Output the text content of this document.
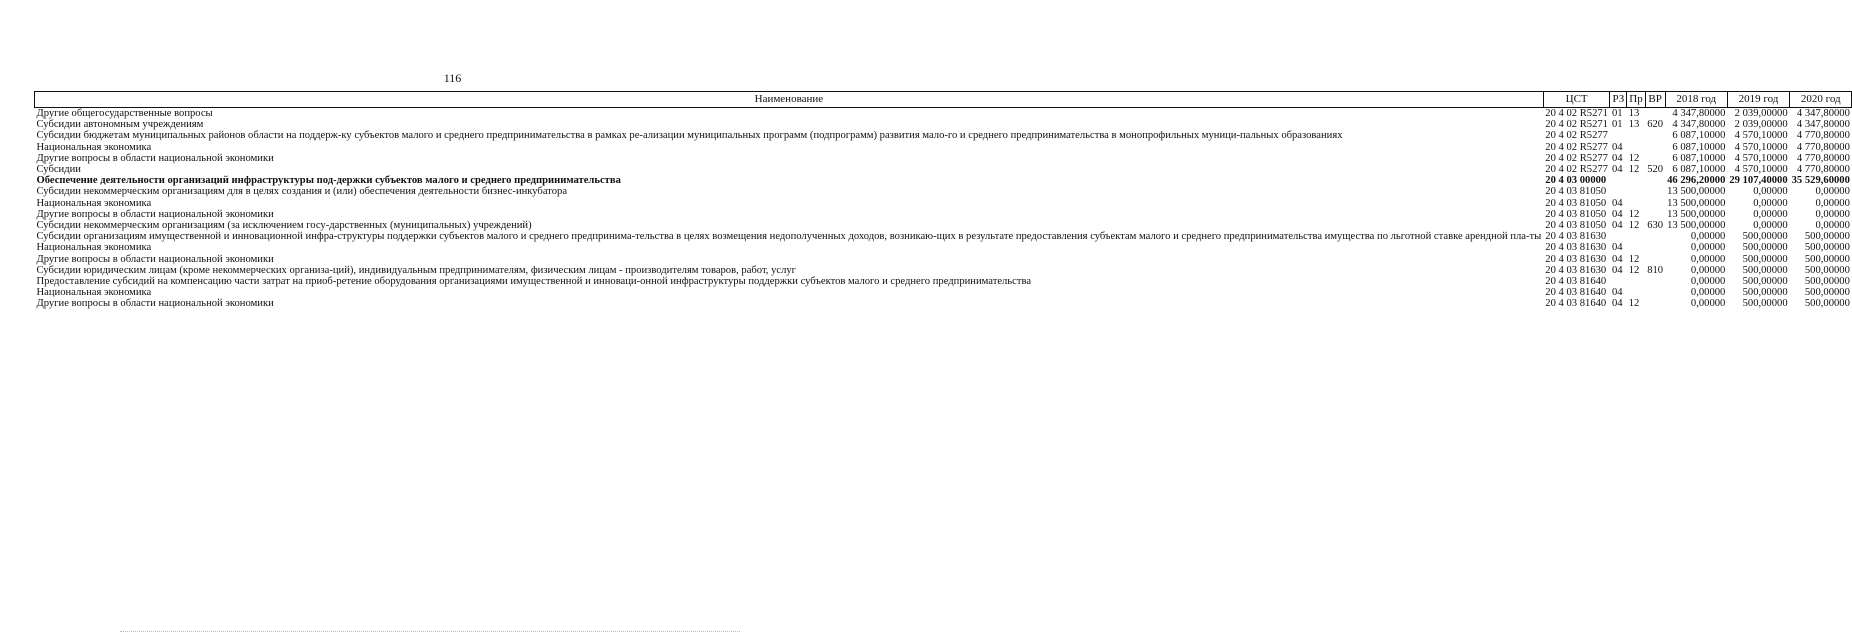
116
Наименование	ЦСТ	РЗ	Пр	ВР	2018 год	2019 год	2020 год
Другие общегосударственные вопросы	20 4 02 R5271	01	13		4 347,80000	2 039,00000	4 347,80000
Субсидии автономным учреждениям	20 4 02 R5271	01	13	620	4 347,80000	2 039,00000	4 347,80000
Субсидии бюджетам муниципальных районов области на поддерж-ку субъектов малого и среднего предпринимательства в рамках ре-ализации муниципальных программ (подпрограмм) развития мало-го и среднего предпринимательства в монопрофильных муници-пальных образованиях	20 4 02 R5277				6 087,10000	4 570,10000	4 770,80000
Национальная экономика	20 4 02 R5277	04			6 087,10000	4 570,10000	4 770,80000
Другие вопросы в области национальной экономики	20 4 02 R5277	04	12		6 087,10000	4 570,10000	4 770,80000
Субсидии	20 4 02 R5277	04	12	520	6 087,10000	4 570,10000	4 770,80000
Обеспечение деятельности организаций инфраструктуры под-держки субъектов малого и среднего предпринимательства	20 4 03 00000				46 296,20000	29 107,40000	35 529,60000
Субсидии некоммерческим организациям для в целях создания и (или) обеспечения деятельности бизнес-инкубатора	20 4 03 81050				13 500,00000	0,00000	0,00000
Национальная экономика	20 4 03 81050	04			13 500,00000	0,00000	0,00000
Другие вопросы в области национальной экономики	20 4 03 81050	04	12		13 500,00000	0,00000	0,00000
Субсидии некоммерческим организациям (за исключением госу-дарственных (муниципальных) учреждений)	20 4 03 81050	04	12	630	13 500,00000	0,00000	0,00000
Субсидии организациям имущественной и инновационной инфра-структуры поддержки субъектов малого и среднего предпринима-тельства в целях возмещения недополученных доходов, возникаю-щих в результате предоставления субъектам малого и среднего предпринимательства имущества по льготной ставке арендной пла-ты	20 4 03 81630				0,00000	500,00000	500,00000
Национальная экономика	20 4 03 81630	04			0,00000	500,00000	500,00000
Другие вопросы в области национальной экономики	20 4 03 81630	04	12		0,00000	500,00000	500,00000
Субсидии юридическим лицам (кроме некоммерческих организа-ций), индивидуальным предпринимателям, физическим лицам - производителям товаров, работ, услуг	20 4 03 81630	04	12	810	0,00000	500,00000	500,00000
Предоставление субсидий на компенсацию части затрат на приоб-ретение оборудования организациями имущественной и инноваци-онной инфраструктуры поддержки субъектов малого и среднего предпринимательства	20 4 03 81640				0,00000	500,00000	500,00000
Национальная экономика	20 4 03 81640	04			0,00000	500,00000	500,00000
Другие вопросы в области национальной экономики	20 4 03 81640	04	12		0,00000	500,00000	500,00000
